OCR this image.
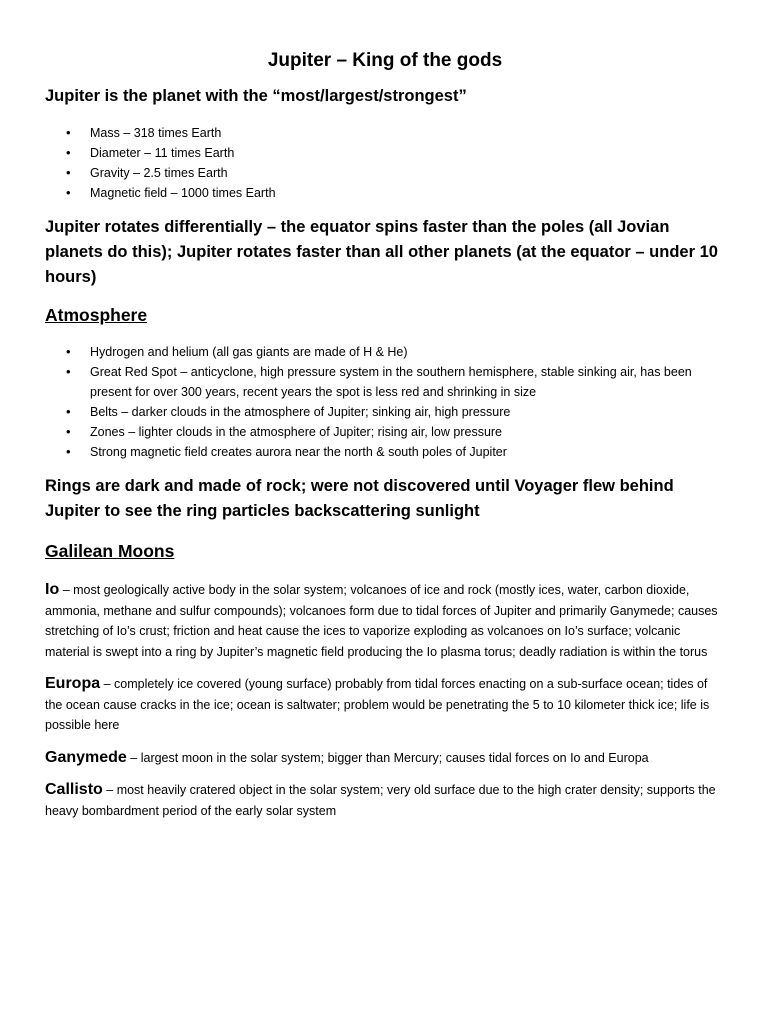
Jupiter – King of the gods

Jupiter is the planet with the “most/largest/strongest”

• Mass – 318 times Earth
• Diameter – 11 times Earth
• Gravity – 2.5 times Earth
• Magnetic field – 1000 times Earth

Jupiter rotates differentially – the equator spins faster than the poles (all Jovian planets do this); Jupiter rotates faster than all other planets (at the equator – under 10 hours)

Atmosphere
• Hydrogen and helium (all gas giants are made of H & He)
• Great Red Spot – anticyclone, high pressure system in the southern hemisphere, stable sinking air, has been present for over 300 years, recent years the spot is less red and shrinking in size
• Belts – darker clouds in the atmosphere of Jupiter; sinking air, high pressure
• Zones – lighter clouds in the atmosphere of Jupiter; rising air, low pressure
• Strong magnetic field creates aurora near the north & south poles of Jupiter

Rings are dark and made of rock; were not discovered until Voyager flew behind Jupiter to see the ring particles backscattering sunlight

Galilean Moons

Io – most geologically active body in the solar system; volcanoes of ice and rock (mostly ices, water, carbon dioxide, ammonia, methane and sulfur compounds); volcanoes form due to tidal forces of Jupiter and primarily Ganymede; causes stretching of Io’s crust; friction and heat cause the ices to vaporize exploding as volcanoes on Io’s surface; volcanic material is swept into a ring by Jupiter’s magnetic field producing the Io plasma torus; deadly radiation is within the torus

Europa – completely ice covered (young surface) probably from tidal forces enacting on a sub-surface ocean; tides of the ocean cause cracks in the ice; ocean is saltwater; problem would be penetrating the 5 to 10 kilometer thick ice; life is possible here

Ganymede – largest moon in the solar system; bigger than Mercury; causes tidal forces on Io and Europa

Callisto – most heavily cratered object in the solar system; very old surface due to the high crater density; supports the heavy bombardment period of the early solar system
